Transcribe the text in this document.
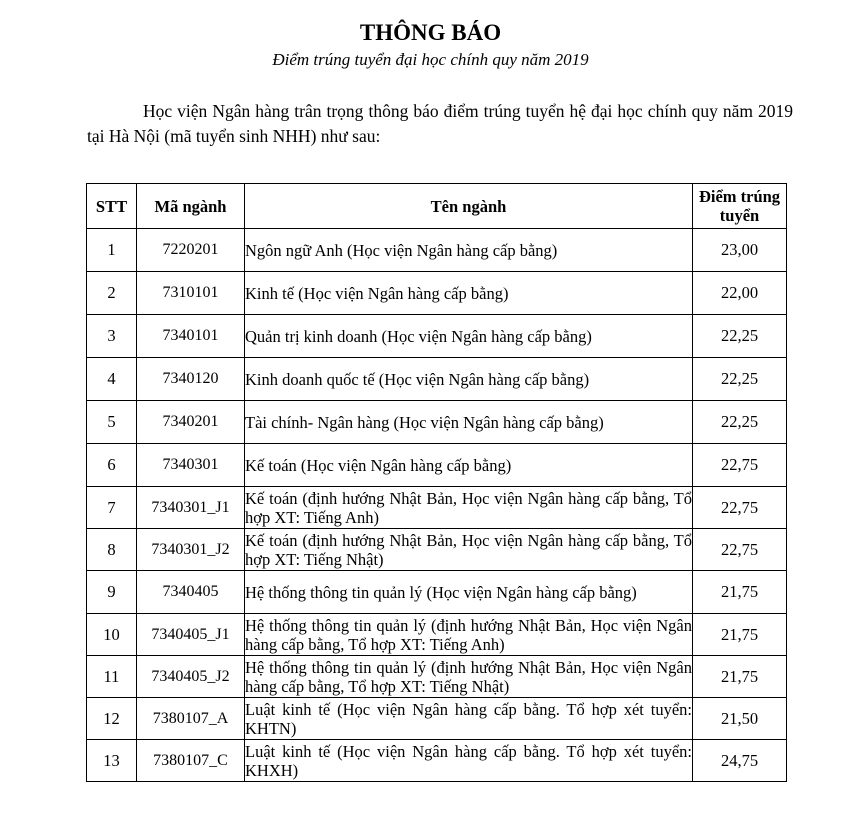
THÔNG BÁO
Điểm trúng tuyển đại học chính quy năm 2019
Học viện Ngân hàng trân trọng thông báo điểm trúng tuyển hệ đại học chính quy năm 2019 tại Hà Nội (mã tuyển sinh NHH) như sau:
STT	Mã ngành	Tên ngành	Điểm trúng tuyển
1	7220201	Ngôn ngữ Anh (Học viện Ngân hàng cấp bằng)	23,00
2	7310101	Kinh tế (Học viện Ngân hàng cấp bằng)	22,00
3	7340101	Quản trị kinh doanh (Học viện Ngân hàng cấp bằng)	22,25
4	7340120	Kinh doanh quốc tế (Học viện Ngân hàng cấp bằng)	22,25
5	7340201	Tài chính- Ngân hàng (Học viện Ngân hàng cấp bằng)	22,25
6	7340301	Kế toán (Học viện Ngân hàng cấp bằng)	22,75
7	7340301_J1	Kế toán (định hướng Nhật Bản, Học viện Ngân hàng cấp bằng, Tổ hợp XT: Tiếng Anh)	22,75
8	7340301_J2	Kế toán (định hướng Nhật Bản, Học viện Ngân hàng cấp bằng, Tổ hợp XT: Tiếng Nhật)	22,75
9	7340405	Hệ thống thông tin quản lý (Học viện Ngân hàng cấp bằng)	21,75
10	7340405_J1	Hệ thống thông tin quản lý (định hướng Nhật Bản, Học viện Ngân hàng cấp bằng, Tổ hợp XT: Tiếng Anh)	21,75
11	7340405_J2	Hệ thống thông tin quản lý (định hướng Nhật Bản, Học viện Ngân hàng cấp bằng, Tổ hợp XT: Tiếng Nhật)	21,75
12	7380107_A	Luật kinh tế (Học viện Ngân hàng cấp bằng. Tổ hợp xét tuyển: KHTN)	21,50
13	7380107_C	Luật kinh tế (Học viện Ngân hàng cấp bằng. Tổ hợp xét tuyển: KHXH)	24,75
